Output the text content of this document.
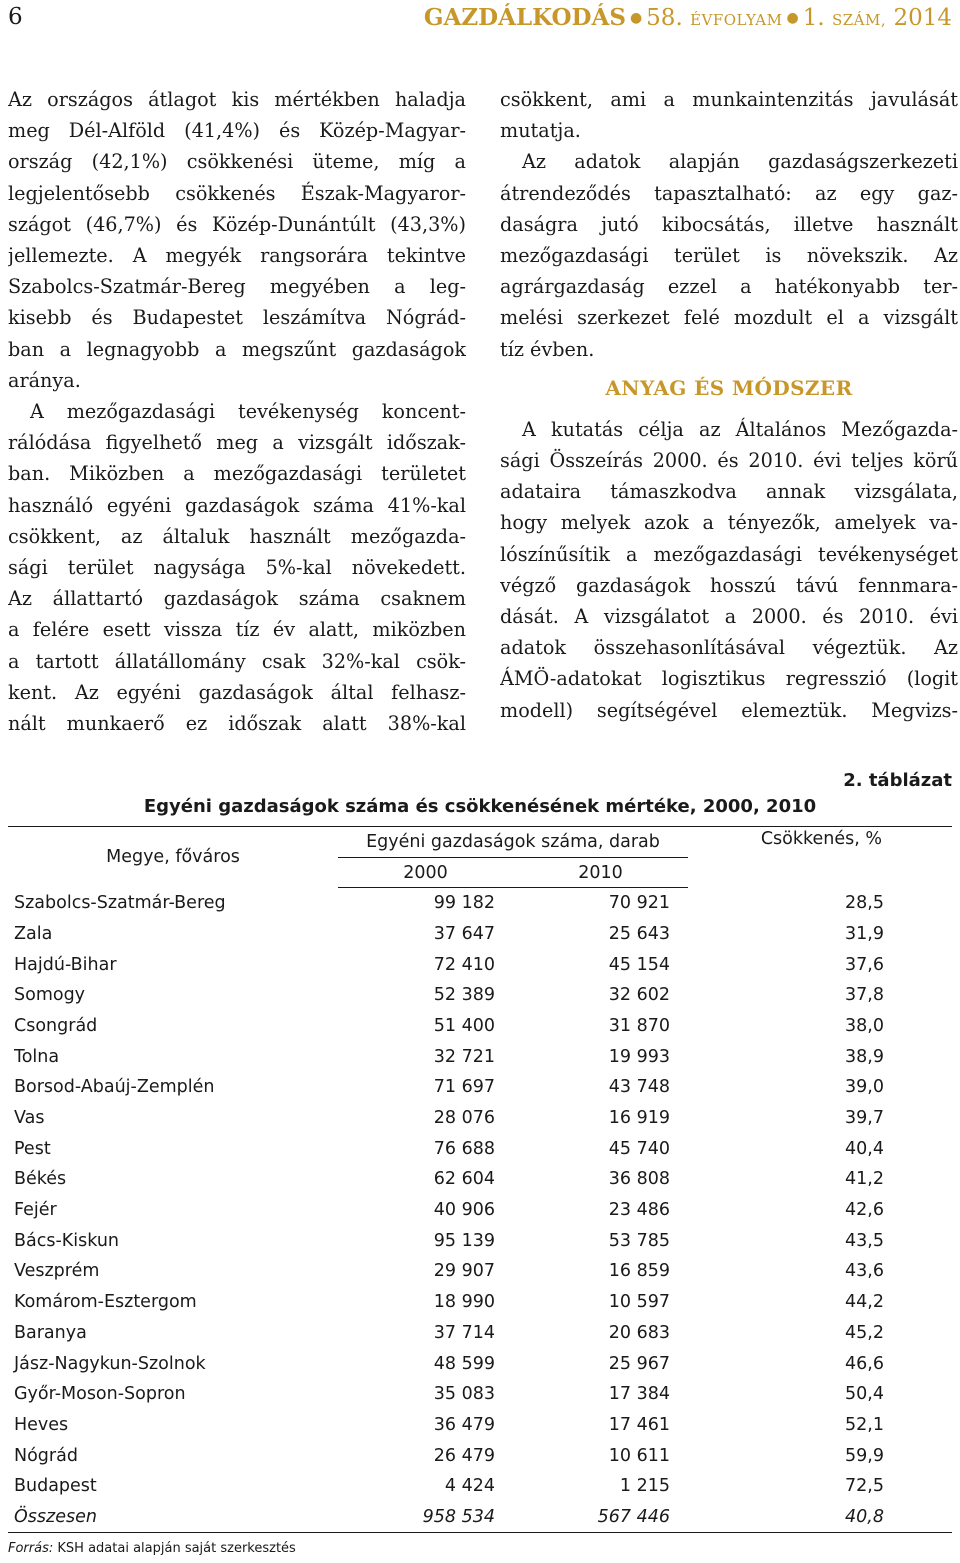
6	GAZDÁLKODÁS ● 58. ÉVFOLYAM ● 1. SZÁM, 2014
Az országos átlagot kis mértékben haladja
meg Dél-Alföld (41,4%) és Közép-Magyar-
ország (42,1%) csökkenési üteme, míg a
legjelentősebb csökkenés Észak-Magyaror-
szágot (46,7%) és Közép-Dunántúlt (43,3%)
jellemezte. A megyék rangsorára tekintve
Szabolcs-Szatmár-Bereg megyében a leg-
kisebb és Budapestet leszámítva Nógrád-
ban a legnagyobb a megszűnt gazdaságok
aránya.
A mezőgazdasági tevékenység koncent-
rálódása figyelhető meg a vizsgált időszak-
ban. Miközben a mezőgazdasági területet
használó egyéni gazdaságok száma 41%-kal
csökkent, az általuk használt mezőgazda-
sági terület nagysága 5%-kal növekedett.
Az állattartó gazdaságok száma csaknem
a felére esett vissza tíz év alatt, miközben
a tartott állatállomány csak 32%-kal csök-
kent. Az egyéni gazdaságok által felhasz-
nált munkaerő ez időszak alatt 38%-kal
csökkent, ami a munkaintenzitás javulását
mutatja.
Az adatok alapján gazdaságszerkezeti
átrendeződés tapasztalható: az egy gaz-
daságra jutó kibocsátás, illetve használt
mezőgazdasági terület is növekszik. Az
agrárgazdaság ezzel a hatékonyabb ter-
melési szerkezet felé mozdult el a vizsgált
tíz évben.
ANYAG ÉS MÓDSZER
A kutatás célja az Általános Mezőgazda-
sági Összeírás 2000. és 2010. évi teljes körű
adataira támaszkodva annak vizsgálata,
hogy melyek azok a tényezők, amelyek va-
lószínűsítik a mezőgazdasági tevékenységet
végző gazdaságok hosszú távú fennmara-
dását. A vizsgálatot a 2000. és 2010. évi
adatok összehasonlításával végeztük. Az
ÁMÖ-adatokat logisztikus regresszió (logit
modell) segítségével elemeztük. Megvizs-
2. táblázat
Egyéni gazdaságok száma és csökkenésének mértéke, 2000, 2010
Megye, főváros	Egyéni gazdaságok száma, darab		Csökkenés, %
	2000	2010	
Szabolcs-Szatmár-Bereg	99 182	70 921	28,5
Zala	37 647	25 643	31,9
Hajdú-Bihar	72 410	45 154	37,6
Somogy	52 389	32 602	37,8
Csongrád	51 400	31 870	38,0
Tolna	32 721	19 993	38,9
Borsod-Abaúj-Zemplén	71 697	43 748	39,0
Vas	28 076	16 919	39,7
Pest	76 688	45 740	40,4
Békés	62 604	36 808	41,2
Fejér	40 906	23 486	42,6
Bács-Kiskun	95 139	53 785	43,5
Veszprém	29 907	16 859	43,6
Komárom-Esztergom	18 990	10 597	44,2
Baranya	37 714	20 683	45,2
Jász-Nagykun-Szolnok	48 599	25 967	46,6
Győr-Moson-Sopron	35 083	17 384	50,4
Heves	36 479	17 461	52,1
Nógrád	26 479	10 611	59,9
Budapest	4 424	1 215	72,5
Összesen	958 534	567 446	40,8
Forrás: KSH adatai alapján saját szerkesztés
